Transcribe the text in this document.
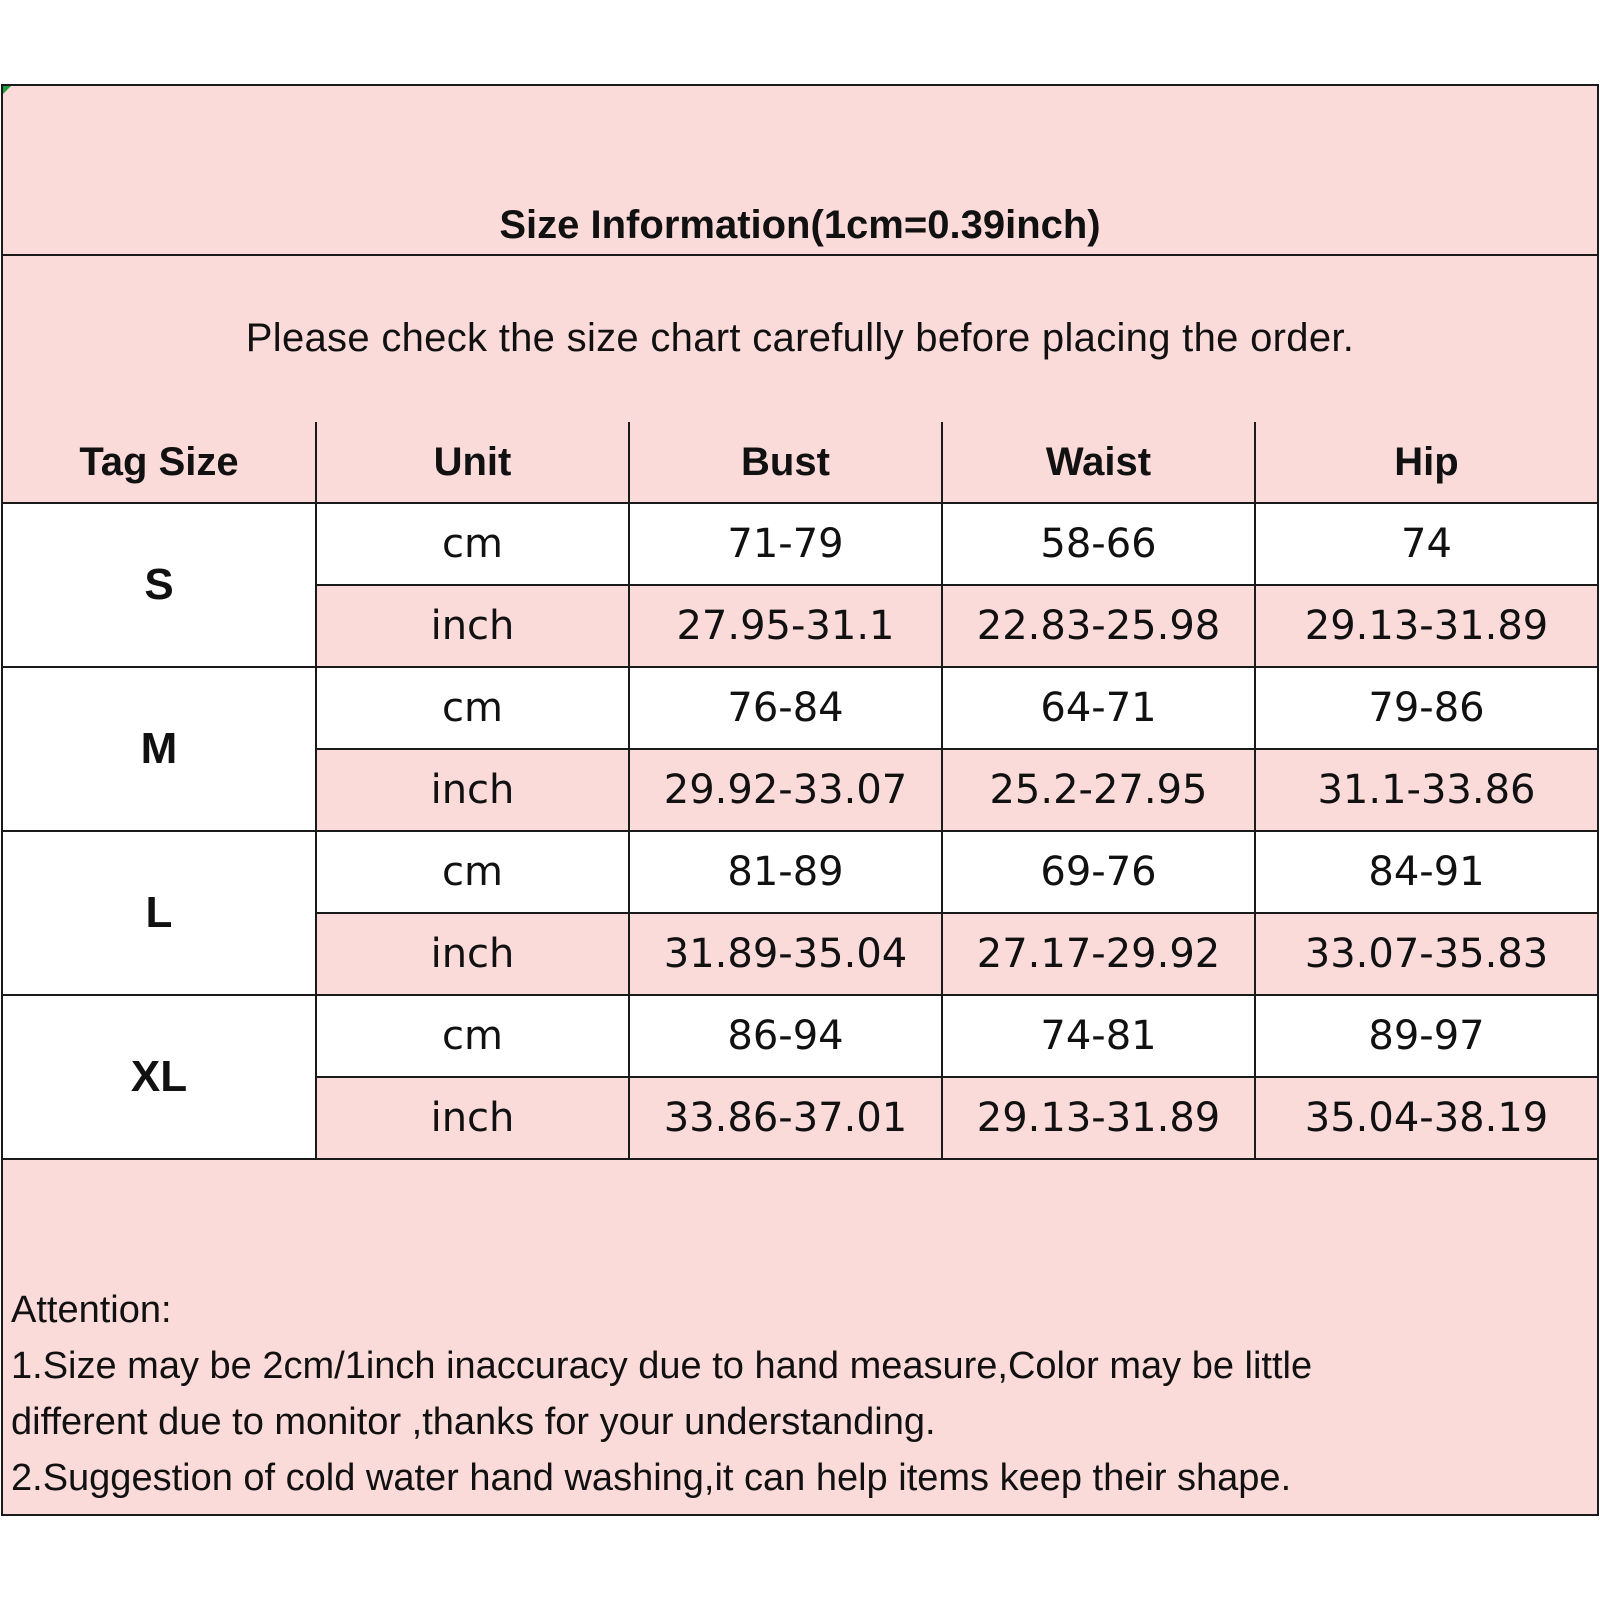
Size Information(1cm=0.39inch)
Please check the size chart carefully before placing the order.
Tag Size	Unit	Bust	Waist	Hip
S	cm	71-79	58-66	74
	inch	27.95-31.1	22.83-25.98	29.13-31.89
M	cm	76-84	64-71	79-86
	inch	29.92-33.07	25.2-27.95	31.1-33.86
L	cm	81-89	69-76	84-91
	inch	31.89-35.04	27.17-29.92	33.07-35.83
XL	cm	86-94	74-81	89-97
	inch	33.86-37.01	29.13-31.89	35.04-38.19
Attention:
1.Size may be 2cm/1inch inaccuracy due to hand measure,Color may be little
different due to monitor ,thanks for your understanding.
2.Suggestion of cold water hand washing,it can help items keep their shape.
